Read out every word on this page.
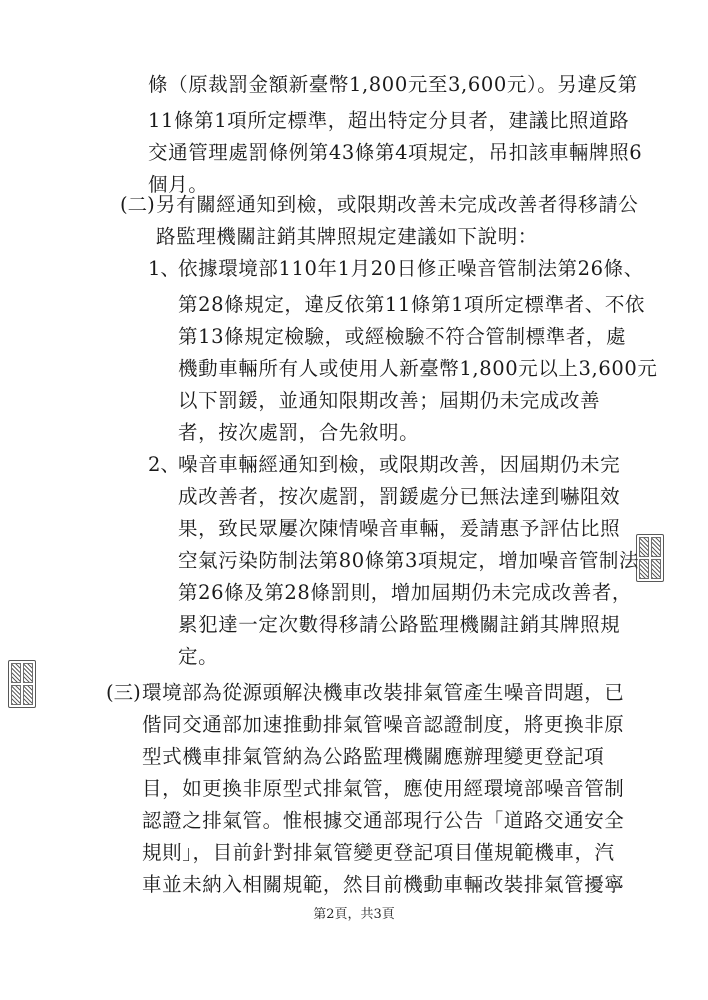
條（原裁罰金額新臺幣1,800元至3,600元）。另違反第
11條第1項所定標準，超出特定分貝者，建議比照道路
交通管理處罰條例第43條第4項規定，吊扣該車輛牌照6
個月。
(二) 另有關經通知到檢，或限期改善未完成改善者得移請公
路監理機關註銷其牌照規定建議如下說明：
1、
依據環境部110年1月20日修正噪音管制法第26條、
第28條規定，違反依第11條第1項所定標準者、不依
第13條規定檢驗，或經檢驗不符合管制標準者，處
機動車輛所有人或使用人新臺幣1,800元以上3,600元
以下罰鍰，並通知限期改善；屆期仍未完成改善
者，按次處罰，合先敘明。
2、
噪音車輛經通知到檢，或限期改善，因屆期仍未完
成改善者，按次處罰，罰鍰處分已無法達到嚇阻效
果，致民眾屢次陳情噪音車輛，爰請惠予評估比照
空氣污染防制法第80條第3項規定，增加噪音管制法
第26條及第28條罰則，增加屆期仍未完成改善者，
累犯達一定次數得移請公路監理機關註銷其牌照規
定。
(三) 環境部為從源頭解決機車改裝排氣管產生噪音問題，已
偕同交通部加速推動排氣管噪音認證制度，將更換非原
型式機車排氣管納為公路監理機關應辦理變更登記項
目，如更換非原型式排氣管，應使用經環境部噪音管制
認證之排氣管。惟根據交通部現行公告「道路交通安全
規則」，目前針對排氣管變更登記項目僅規範機車，汽
車並未納入相關規範，然目前機動車輛改裝排氣管擾寧
第2頁，共3頁
